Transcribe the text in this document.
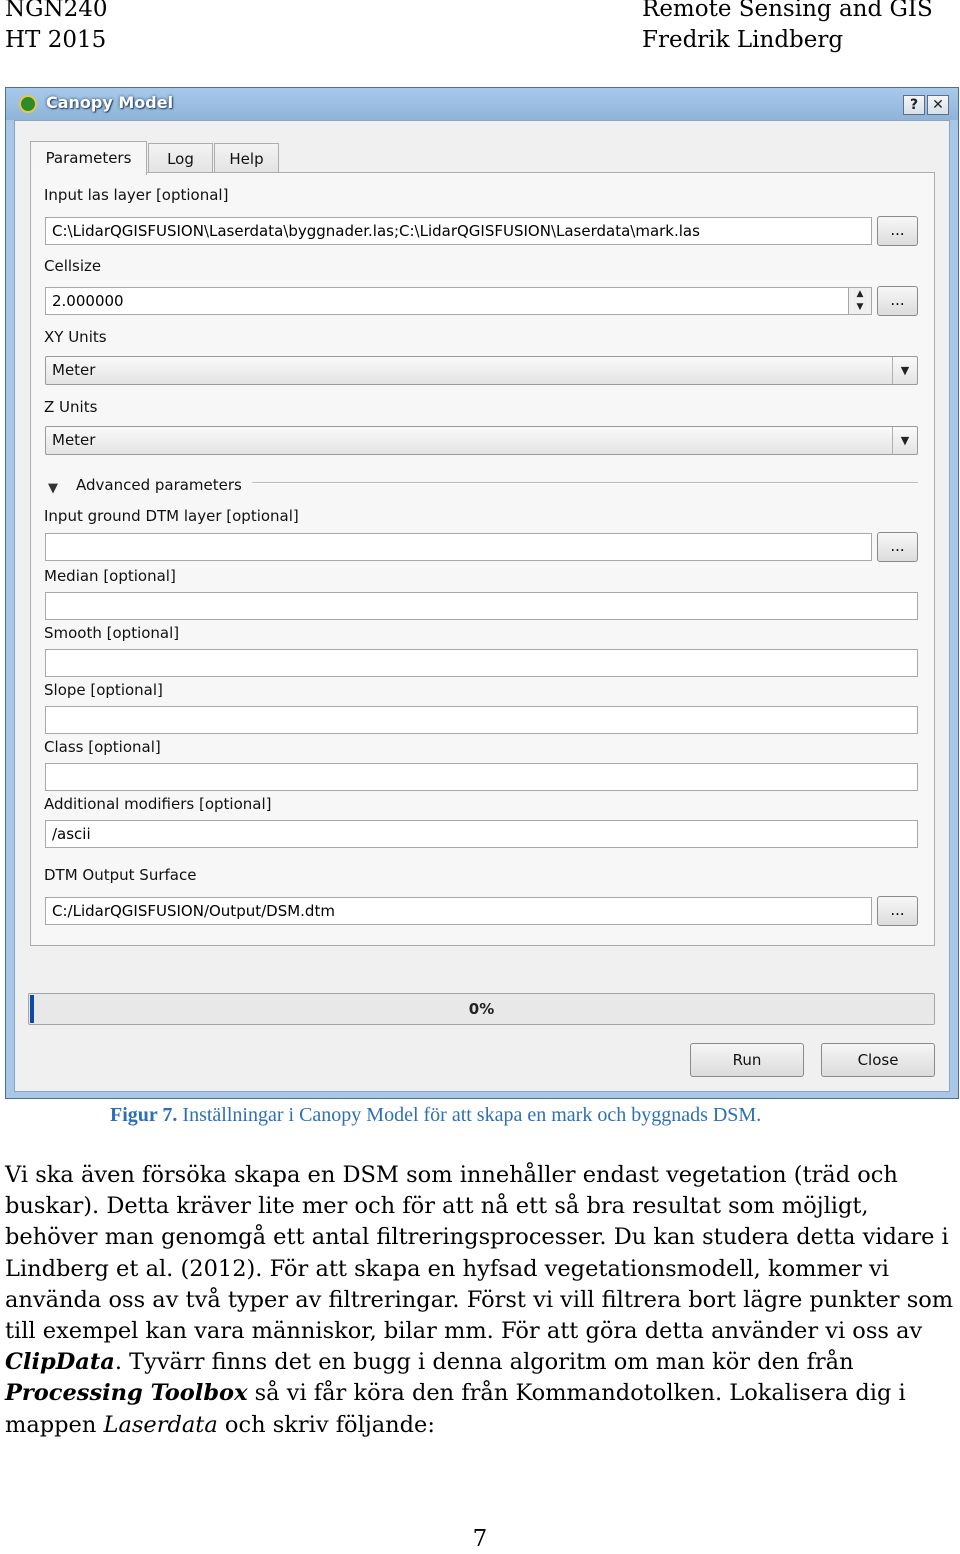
NGN240
HT 2015
Remote Sensing and GIS
Fredrik Lindberg
Canopy Model	?	✕
Parameters	Log	Help
Input las layer [optional]
C:\LidarQGISFUSION\Laserdata\byggnader.las;C:\LidarQGISFUSION\Laserdata\mark.las	...
Cellsize
2.000000	▲
▼	...
XY Units
Meter	▼
Z Units
Meter	▼
▼ Advanced parameters
Input ground DTM layer [optional]
...
Median [optional]
Smooth [optional]
Slope [optional]
Class [optional]
Additional modifiers [optional]
/ascii
DTM Output Surface
C:/LidarQGISFUSION/Output/DSM.dtm	...
0%
Run	Close
Figur 7. Inställningar i Canopy Model för att skapa en mark och byggnads DSM.
Vi ska även försöka skapa en DSM som innehåller endast vegetation (träd och buskar). Detta kräver lite mer och för att nå ett så bra resultat som möjligt, behöver man genomgå ett antal filtreringsprocesser. Du kan studera detta vidare i Lindberg et al. (2012). För att skapa en hyfsad vegetationsmodell, kommer vi använda oss av två typer av filtreringar. Först vi vill filtrera bort lägre punkter som till exempel kan vara människor, bilar mm. För att göra detta använder vi oss av ClipData. Tyvärr finns det en bugg i denna algoritm om man kör den från Processing Toolbox så vi får köra den från Kommandotolken. Lokalisera dig i mappen Laserdata och skriv följande:
7
